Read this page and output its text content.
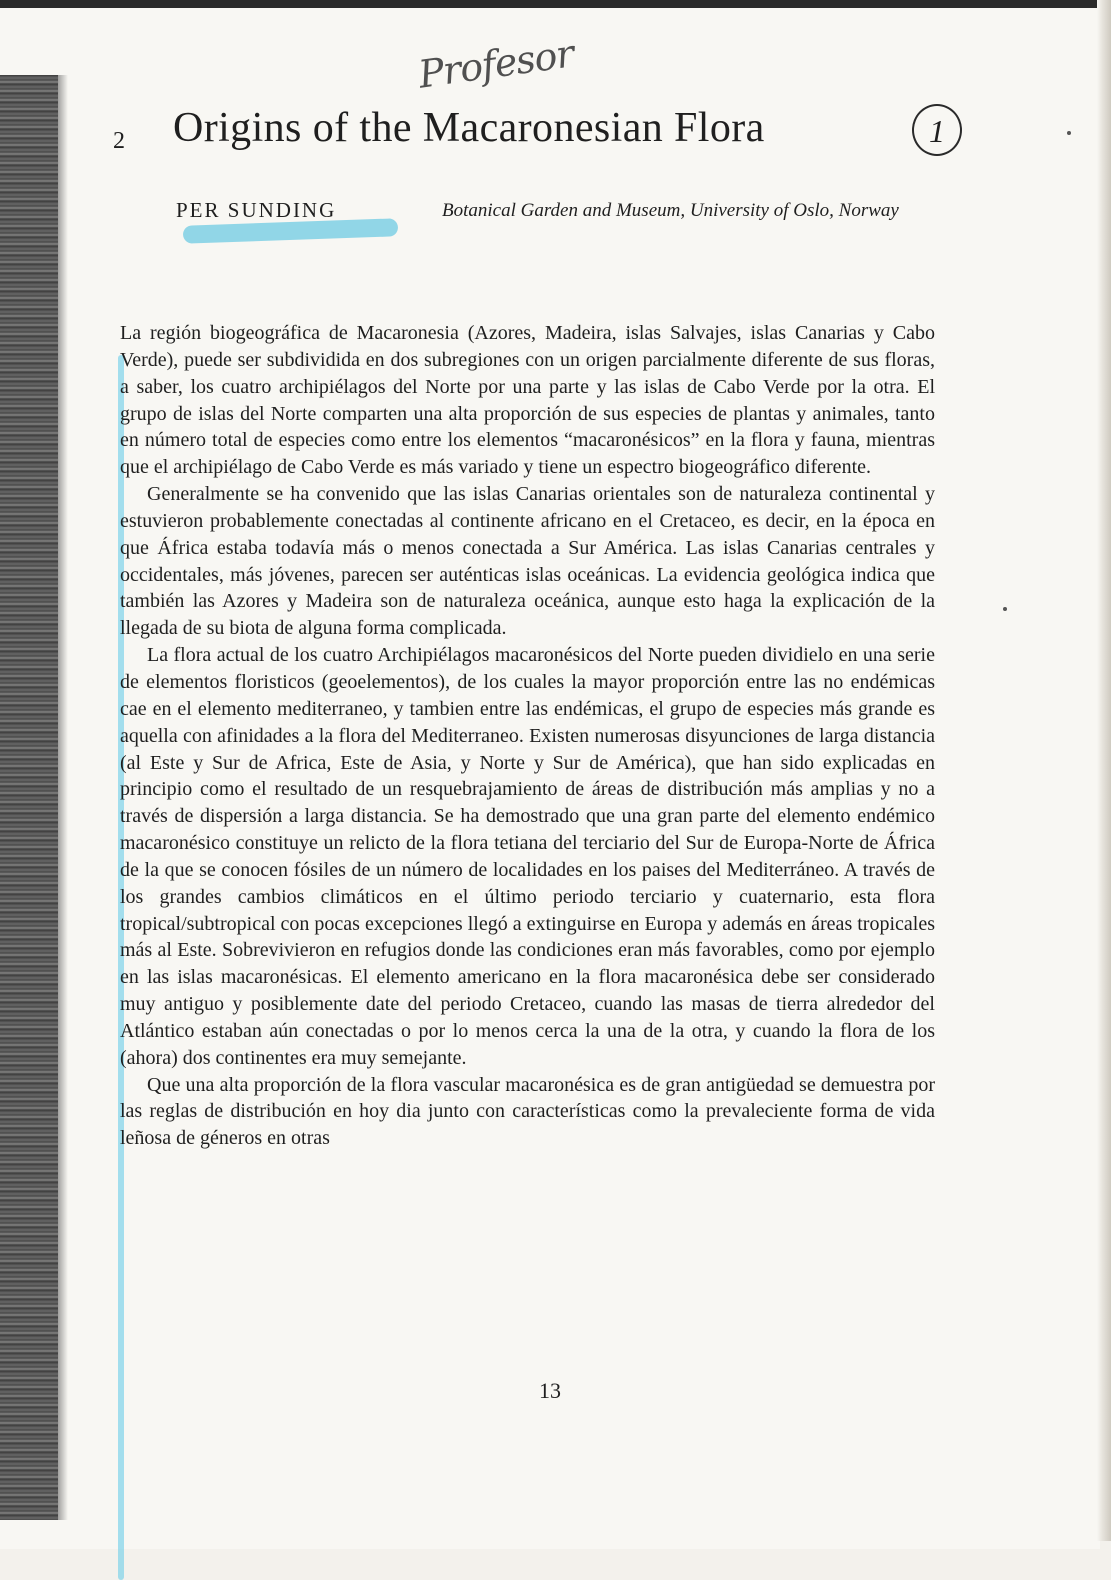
Profesor
2 Origins of the Macaronesian Flora	1
PER SUNDING	Botanical Garden and Museum, University of Oslo, Norway

La región biogeográfica de Macaronesia (Azores, Madeira, islas Salvajes, islas Canarias y Cabo Verde), puede ser subdividida en dos subregiones con un origen parcialmente diferente de sus floras, a saber, los cuatro archipiélagos del Norte por una parte y las islas de Cabo Verde por la otra. El grupo de islas del Norte comparten una alta proporción de sus especies de plantas y animales, tanto en número total de especies como entre los elementos “macaronésicos” en la flora y fauna, mientras que el archipiélago de Cabo Verde es más variado y tiene un espectro biogeográfico diferente.

Generalmente se ha convenido que las islas Canarias orientales son de naturaleza continental y estuvieron probablemente conectadas al continente africano en el Cretaceo, es decir, en la época en que África estaba todavía más o menos conectada a Sur América. Las islas Canarias centrales y occidentales, más jóvenes, parecen ser auténticas islas oceánicas. La evidencia geológica indica que también las Azores y Madeira son de naturaleza oceánica, aunque esto haga la explicación de la llegada de su biota de alguna forma complicada.

La flora actual de los cuatro Archipiélagos macaronésicos del Norte pueden dividielo en una serie de elementos floristicos (geoelementos), de los cuales la mayor proporción entre las no endémicas cae en el elemento mediterraneo, y tambien entre las endémicas, el grupo de especies más grande es aquella con afinidades a la flora del Mediterraneo. Existen numerosas disyunciones de larga distancia (al Este y Sur de Africa, Este de Asia, y Norte y Sur de América), que han sido explicadas en principio como el resultado de un resquebrajamiento de áreas de distribución más amplias y no a través de dispersión a larga distancia. Se ha demostrado que una gran parte del elemento endémico macaronésico constituye un relicto de la flora tetiana del terciario del Sur de Europa-Norte de África de la que se conocen fósiles de un número de localidades en los paises del Mediterráneo. A través de los grandes cambios climáticos en el último periodo terciario y cuaternario, esta flora tropical/subtropical con pocas excepciones llegó a extinguirse en Europa y además en áreas tropicales más al Este. Sobrevivieron en refugios donde las condiciones eran más favorables, como por ejemplo en las islas macaronésicas. El elemento americano en la flora macaronésica debe ser considerado muy antiguo y posiblemente date del periodo Cretaceo, cuando las masas de tierra alrededor del Atlántico estaban aún conectadas o por lo menos cerca la una de la otra, y cuando la flora de los (ahora) dos continentes era muy semejante.

Que una alta proporción de la flora vascular macaronésica es de gran antigüedad se demuestra por las reglas de distribución en hoy dia junto con características como la prevaleciente forma de vida leñosa de géneros en otras

13
